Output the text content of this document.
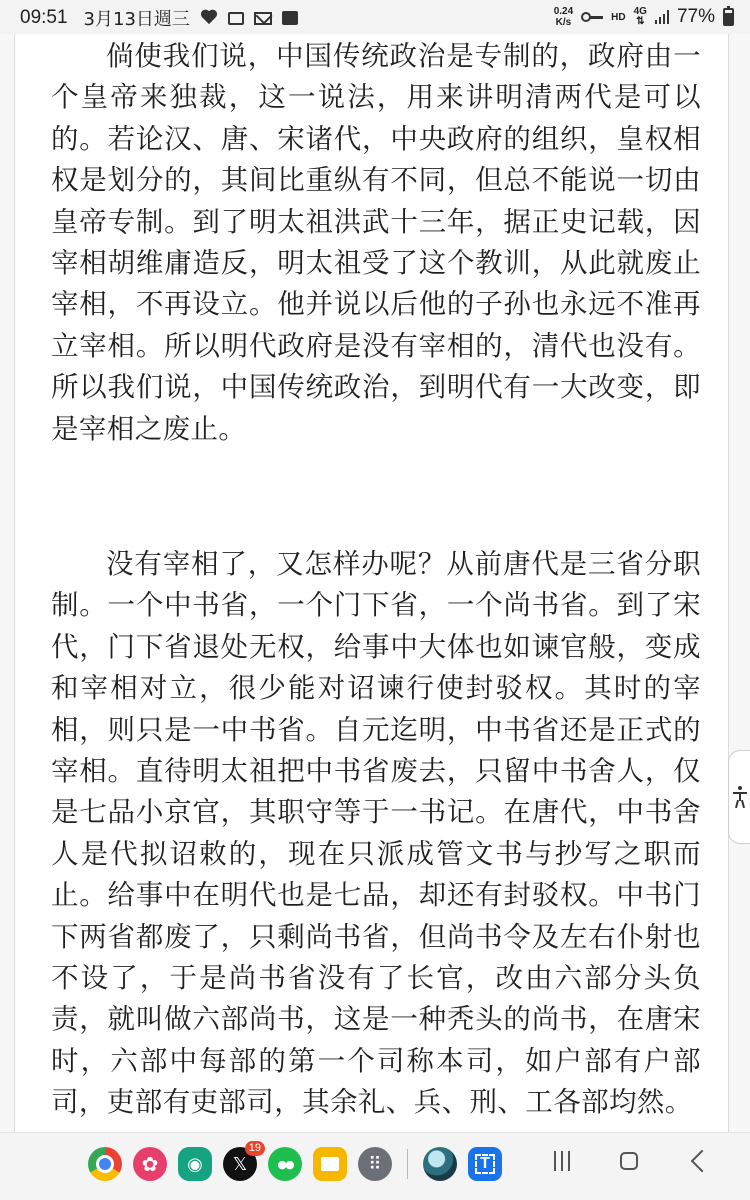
09:51 3月13日週三	0.24
K/s	HD 4G
⇅ 77%

倘使我们说，中国传统政治是专制的，政府由一个皇帝来独裁，这一说法，用来讲明清两代是可以的。若论汉、唐、宋诸代，中央政府的组织，皇权相权是划分的，其间比重纵有不同，但总不能说一切由皇帝专制。到了明太祖洪武十三年，据正史记载，因宰相胡维庸造反，明太祖受了这个教训，从此就废止宰相，不再设立。他并说以后他的子孙也永远不准再立宰相。所以明代政府是没有宰相的，清代也没有。所以我们说，中国传统政治，到明代有一大改变，即是宰相之废止。

没有宰相了，又怎样办呢？从前唐代是三省分职制。一个中书省，一个门下省，一个尚书省。到了宋代，门下省退处无权，给事中大体也如谏官般，变成和宰相对立，很少能对诏谏行使封驳权。其时的宰相，则只是一中书省。自元迄明，中书省还是正式的宰相。直待明太祖把中书省废去，只留中书舍人，仅是七品小京官，其职守等于一书记。在唐代，中书舍人是代拟诏敕的，现在只派成管文书与抄写之职而止。给事中在明代也是七品，却还有封驳权。中书门下两省都废了，只剩尚书省，但尚书令及左右仆射也不设了，于是尚书省没有了长官，改由六部分头负责，就叫做六部尚书，这是一种秃头的尚书，在唐宋时，六部中每部的第一个司称本司，如户部有户部司，吏部有吏部司，其余礼、兵、刑、工各部均然。

✿
◉
19
𝕏
●●
⠿
T
